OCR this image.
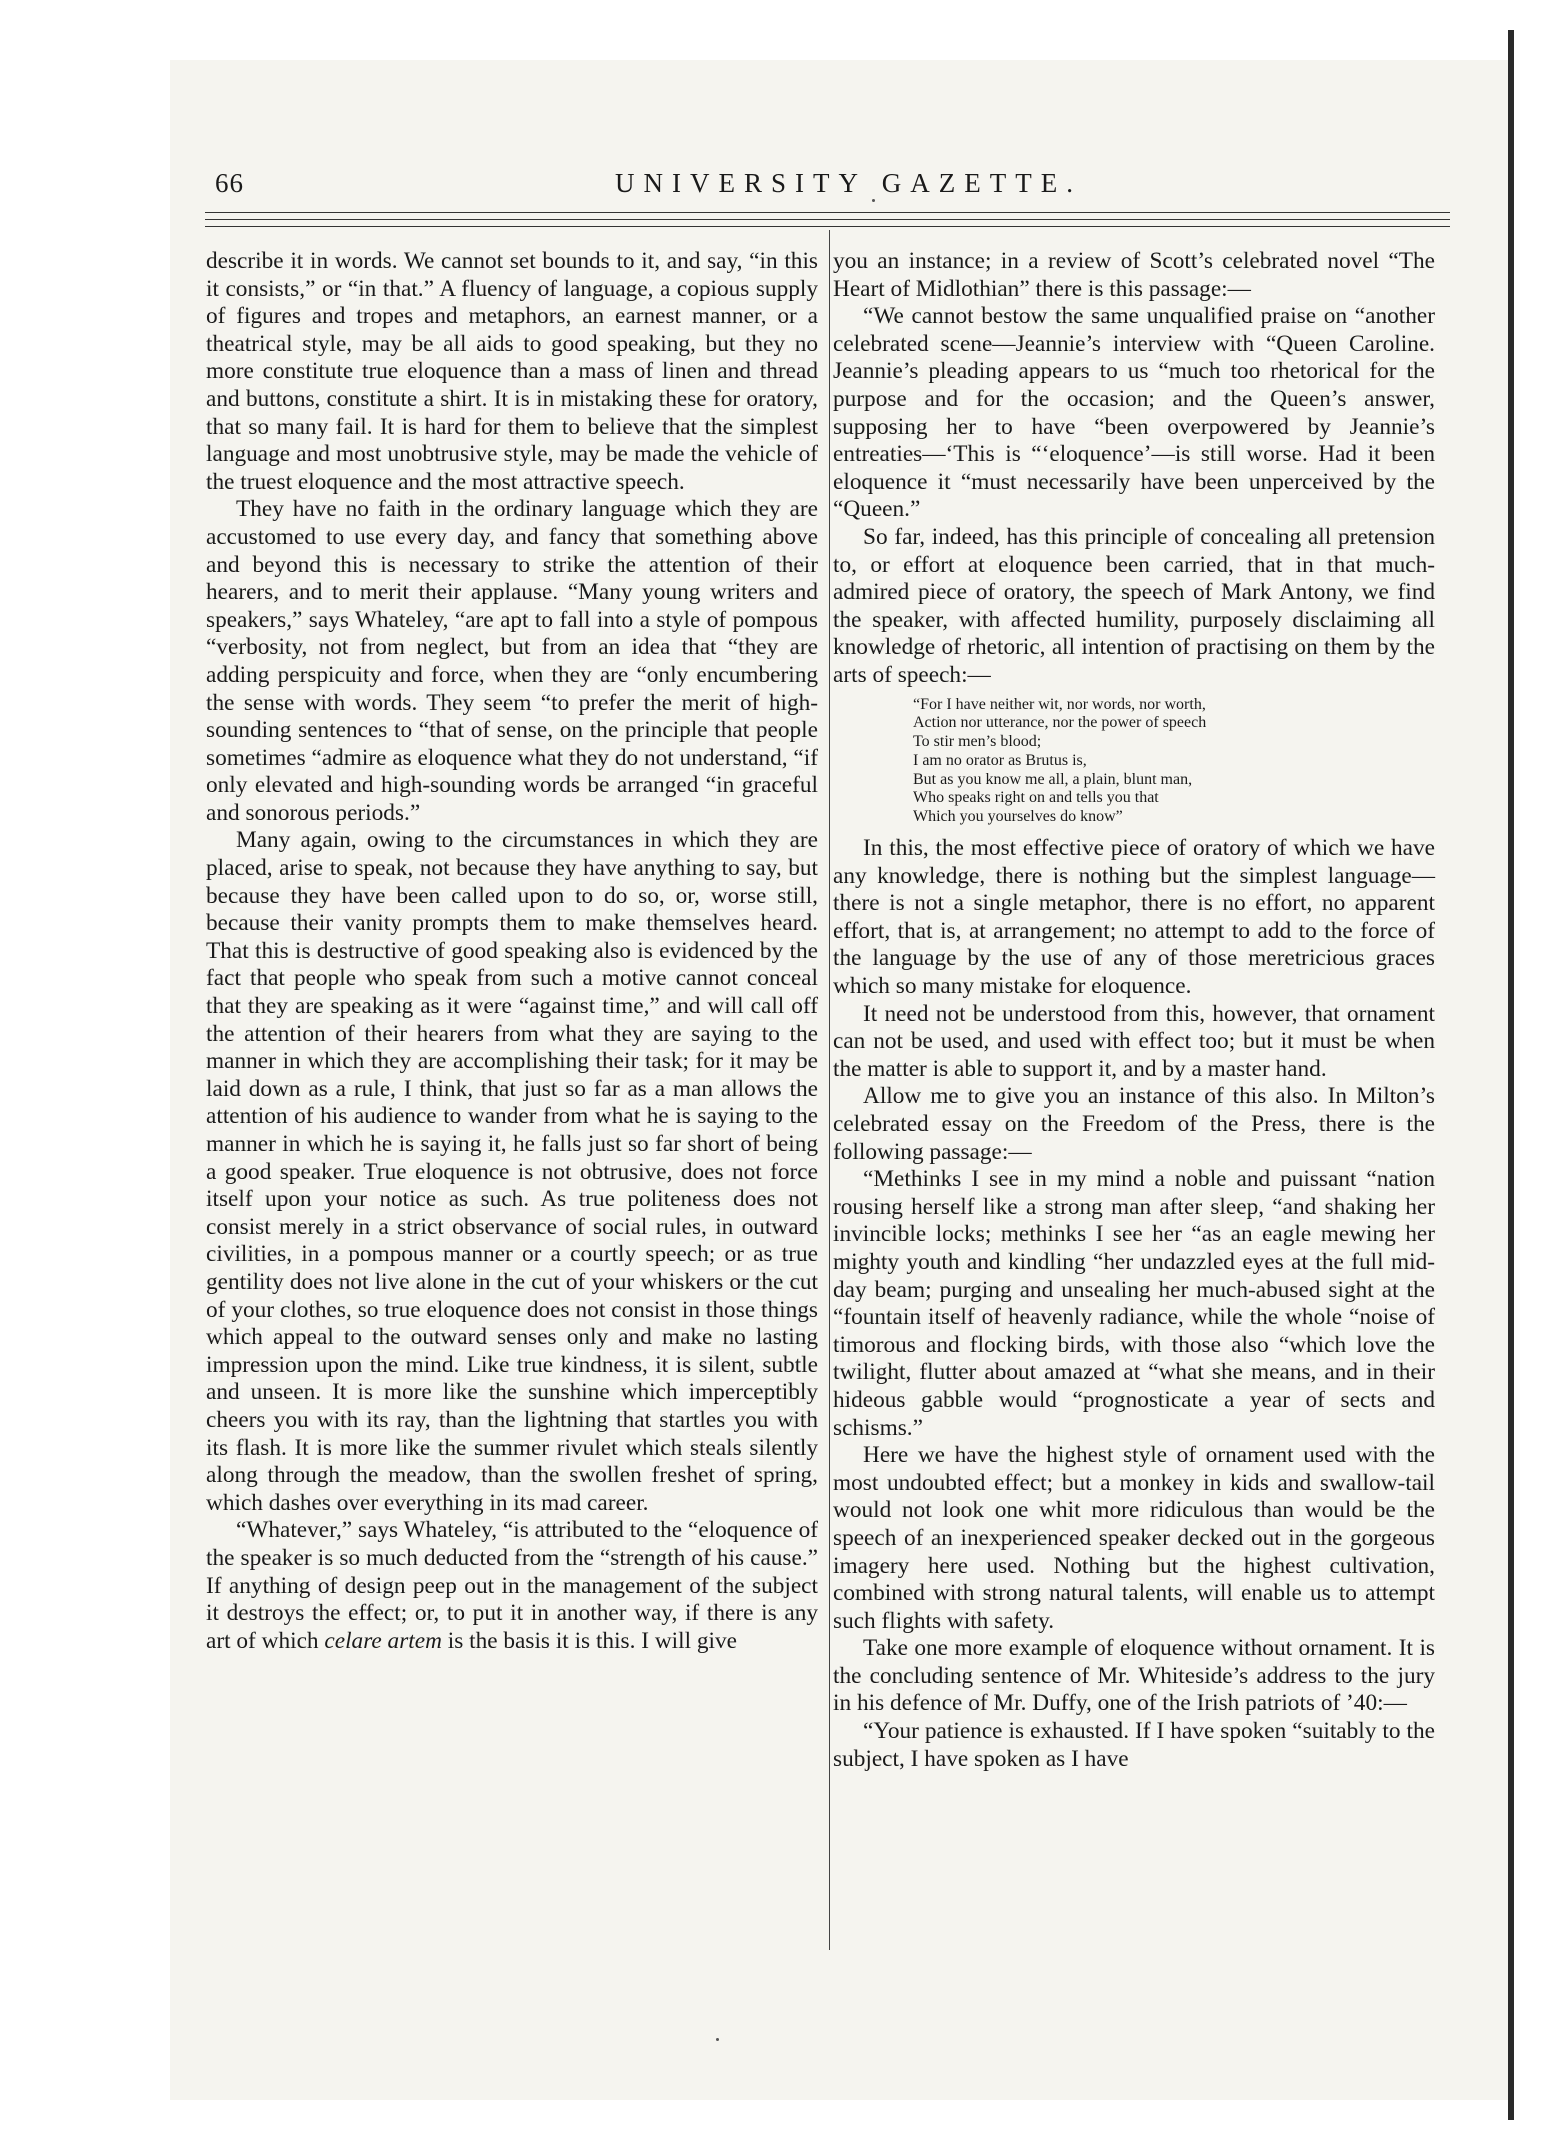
66	UNIVERSITY GAZETTE.

describe it in words. We cannot set bounds to it, and say, “in this it consists,” or “in that.” A fluency of language, a copious supply of figures and tropes and metaphors, an earnest manner, or a theatrical style, may be all aids to good speaking, but they no more constitute true eloquence than a mass of linen and thread and buttons, constitute a shirt. It is in mistaking these for oratory, that so many fail. It is hard for them to believe that the simplest language and most unobtrusive style, may be made the vehicle of the truest eloquence and the most attractive speech.

They have no faith in the ordinary language which they are accustomed to use every day, and fancy that something above and beyond this is necessary to strike the attention of their hearers, and to merit their applause. “Many young writers and speakers,” says Whateley, “are apt to fall into a style of pompous “verbosity, not from neglect, but from an idea that “they are adding perspicuity and force, when they are “only encumbering the sense with words. They seem “to prefer the merit of high-sounding sentences to “that of sense, on the principle that people sometimes “admire as eloquence what they do not understand, “if only elevated and high-sounding words be arranged “in graceful and sonorous periods.”

Many again, owing to the circumstances in which they are placed, arise to speak, not because they have anything to say, but because they have been called upon to do so, or, worse still, because their vanity prompts them to make themselves heard. That this is destructive of good speaking also is evidenced by the fact that people who speak from such a motive cannot conceal that they are speaking as it were “against time,” and will call off the attention of their hearers from what they are saying to the manner in which they are accomplishing their task; for it may be laid down as a rule, I think, that just so far as a man allows the attention of his audience to wander from what he is saying to the manner in which he is saying it, he falls just so far short of being a good speaker. True eloquence is not obtrusive, does not force itself upon your notice as such. As true politeness does not consist merely in a strict observance of social rules, in outward civilities, in a pompous manner or a courtly speech; or as true gentility does not live alone in the cut of your whiskers or the cut of your clothes, so true eloquence does not consist in those things which appeal to the outward senses only and make no lasting impression upon the mind. Like true kindness, it is silent, subtle and unseen. It is more like the sunshine which imperceptibly cheers you with its ray, than the lightning that startles you with its flash. It is more like the summer rivulet which steals silently along through the meadow, than the swollen freshet of spring, which dashes over everything in its mad career.

“Whatever,” says Whateley, “is attributed to the “eloquence of the speaker is so much deducted from the “strength of his cause.” If anything of design peep out in the management of the subject it destroys the effect; or, to put it in another way, if there is any art of which celare artem is the basis it is this. I will give

you an instance; in a review of Scott’s celebrated novel “The Heart of Midlothian” there is this passage:—

“We cannot bestow the same unqualified praise on “another celebrated scene—Jeannie’s interview with “Queen Caroline. Jeannie’s pleading appears to us “much too rhetorical for the purpose and for the occasion; and the Queen’s answer, supposing her to have “been overpowered by Jeannie’s entreaties—‘This is “‘eloquence’—is still worse. Had it been eloquence it “must necessarily have been unperceived by the “Queen.”

So far, indeed, has this principle of concealing all pretension to, or effort at eloquence been carried, that in that much-admired piece of oratory, the speech of Mark Antony, we find the speaker, with affected humility, purposely disclaiming all knowledge of rhetoric, all intention of practising on them by the arts of speech:—

“For I have neither wit, nor words, nor worth,
Action nor utterance, nor the power of speech
To stir men’s blood;
I am no orator as Brutus is,
But as you know me all, a plain, blunt man,
Who speaks right on and tells you that
Which you yourselves do know”

In this, the most effective piece of oratory of which we have any knowledge, there is nothing but the simplest language—there is not a single metaphor, there is no effort, no apparent effort, that is, at arrangement; no attempt to add to the force of the language by the use of any of those meretricious graces which so many mistake for eloquence.

It need not be understood from this, however, that ornament can not be used, and used with effect too; but it must be when the matter is able to support it, and by a master hand.

Allow me to give you an instance of this also. In Milton’s celebrated essay on the Freedom of the Press, there is the following passage:—

“Methinks I see in my mind a noble and puissant “nation rousing herself like a strong man after sleep, “and shaking her invincible locks; methinks I see her “as an eagle mewing her mighty youth and kindling “her undazzled eyes at the full mid-day beam; purging and unsealing her much-abused sight at the “fountain itself of heavenly radiance, while the whole “noise of timorous and flocking birds, with those also “which love the twilight, flutter about amazed at “what she means, and in their hideous gabble would “prognosticate a year of sects and schisms.”

Here we have the highest style of ornament used with the most undoubted effect; but a monkey in kids and swallow-tail would not look one whit more ridiculous than would be the speech of an inexperienced speaker decked out in the gorgeous imagery here used. Nothing but the highest cultivation, combined with strong natural talents, will enable us to attempt such flights with safety.

Take one more example of eloquence without ornament. It is the concluding sentence of Mr. Whiteside’s address to the jury in his defence of Mr. Duffy, one of the Irish patriots of ’40:—

“Your patience is exhausted. If I have spoken “suitably to the subject, I have spoken as I have
